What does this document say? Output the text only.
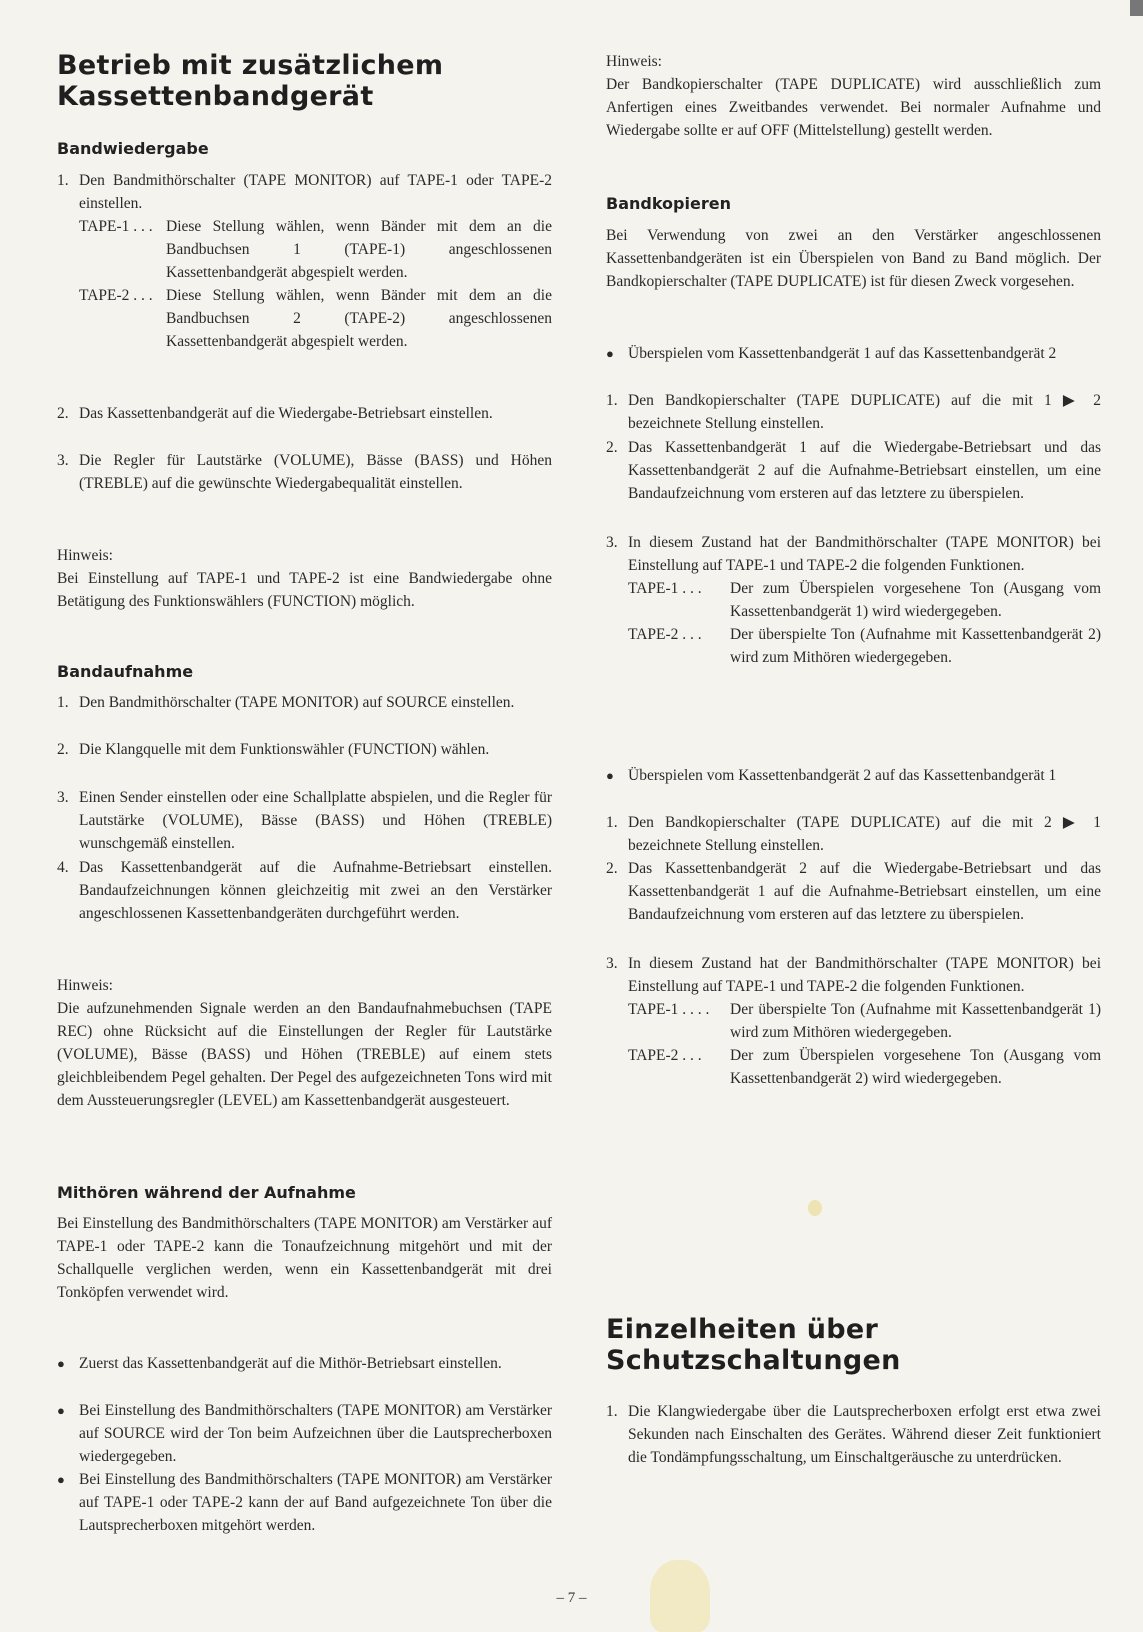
Betrieb mit zusätzlichem
Kassettenbandgerät
Bandwiedergabe
1. Den Bandmithörschalter (TAPE MONITOR) auf TAPE-1 oder TAPE-2 einstellen.
TAPE-1 . . . Diese Stellung wählen, wenn Bänder mit dem an die Bandbuchsen 1 (TAPE-1) angeschlossenen Kassettenbandgerät abgespielt werden.
TAPE-2 . . . Diese Stellung wählen, wenn Bänder mit dem an die Bandbuchsen 2 (TAPE-2) angeschlossenen Kassettenbandgerät abgespielt werden.
2. Das Kassettenbandgerät auf die Wiedergabe-Betriebsart einstellen.
3. Die Regler für Lautstärke (VOLUME), Bässe (BASS) und Höhen (TREBLE) auf die gewünschte Wiedergabequalität einstellen.
Hinweis:
Bei Einstellung auf TAPE-1 und TAPE-2 ist eine Bandwiedergabe ohne Betätigung des Funktionswählers (FUNCTION) möglich.
Bandaufnahme
1. Den Bandmithörschalter (TAPE MONITOR) auf SOURCE einstellen.
2. Die Klangquelle mit dem Funktionswähler (FUNCTION) wählen.
3. Einen Sender einstellen oder eine Schallplatte abspielen, und die Regler für Lautstärke (VOLUME), Bässe (BASS) und Höhen (TREBLE) wunschgemäß einstellen.
4. Das Kassettenbandgerät auf die Aufnahme-Betriebsart einstellen. Bandaufzeichnungen können gleichzeitig mit zwei an den Verstärker angeschlossenen Kassettenbandgeräten durchgeführt werden.
Hinweis:
Die aufzunehmenden Signale werden an den Bandaufnahmebuchsen (TAPE REC) ohne Rücksicht auf die Einstellungen der Regler für Lautstärke (VOLUME), Bässe (BASS) und Höhen (TREBLE) auf einem stets gleichbleibendem Pegel gehalten. Der Pegel des aufgezeichneten Tons wird mit dem Aussteuerungsregler (LEVEL) am Kassettenbandgerät ausgesteuert.
Mithören während der Aufnahme
Bei Einstellung des Bandmithörschalters (TAPE MONITOR) am Verstärker auf TAPE-1 oder TAPE-2 kann die Tonaufzeichnung mitgehört und mit der Schallquelle verglichen werden, wenn ein Kassettenbandgerät mit drei Tonköpfen verwendet wird.
● Zuerst das Kassettenbandgerät auf die Mithör-Betriebsart einstellen.
● Bei Einstellung des Bandmithörschalters (TAPE MONITOR) am Verstärker auf SOURCE wird der Ton beim Aufzeichnen über die Lautsprecherboxen wiedergegeben.
● Bei Einstellung des Bandmithörschalters (TAPE MONITOR) am Verstärker auf TAPE-1 oder TAPE-2 kann der auf Band aufgezeichnete Ton über die Lautsprecherboxen mitgehört werden.
Hinweis:
Der Bandkopierschalter (TAPE DUPLICATE) wird ausschließlich zum Anfertigen eines Zweitbandes verwendet. Bei normaler Aufnahme und Wiedergabe sollte er auf OFF (Mittelstellung) gestellt werden.
Bandkopieren
Bei Verwendung von zwei an den Verstärker angeschlossenen Kassettenbandgeräten ist ein Überspielen von Band zu Band möglich. Der Bandkopierschalter (TAPE DUPLICATE) ist für diesen Zweck vorgesehen.
● Überspielen vom Kassettenbandgerät 1 auf das Kassettenbandgerät 2
1. Den Bandkopierschalter (TAPE DUPLICATE) auf die mit 1 ▶ 2 bezeichnete Stellung einstellen.
2. Das Kassettenbandgerät 1 auf die Wiedergabe-Betriebsart und das Kassettenbandgerät 2 auf die Aufnahme-Betriebsart einstellen, um eine Bandaufzeichnung vom ersteren auf das letztere zu überspielen.
3. In diesem Zustand hat der Bandmithörschalter (TAPE MONITOR) bei Einstellung auf TAPE-1 und TAPE-2 die folgenden Funktionen.
TAPE-1 . . .	Der zum Überspielen vorgesehene Ton (Ausgang vom Kassettenbandgerät 1) wird wiedergegeben.
TAPE-2 . . .	Der überspielte Ton (Aufnahme mit Kassettenbandgerät 2) wird zum Mithören wiedergegeben.
● Überspielen vom Kassettenbandgerät 2 auf das Kassettenbandgerät 1
1. Den Bandkopierschalter (TAPE DUPLICATE) auf die mit 2 ▶ 1 bezeichnete Stellung einstellen.
2. Das Kassettenbandgerät 2 auf die Wiedergabe-Betriebsart und das Kassettenbandgerät 1 auf die Aufnahme-Betriebsart einstellen, um eine Bandaufzeichnung vom ersteren auf das letztere zu überspielen.
3. In diesem Zustand hat der Bandmithörschalter (TAPE MONITOR) bei Einstellung auf TAPE-1 und TAPE-2 die folgenden Funktionen.
TAPE-1 . . . .	Der überspielte Ton (Aufnahme mit Kassettenbandgerät 1) wird zum Mithören wiedergegeben.
TAPE-2 . . .	Der zum Überspielen vorgesehene Ton (Ausgang vom Kassettenbandgerät 2) wird wiedergegeben.
Einzelheiten über
Schutzschaltungen
1. Die Klangwiedergabe über die Lautsprecherboxen erfolgt erst etwa zwei Sekunden nach Einschalten des Gerätes. Während dieser Zeit funktioniert die Tondämpfungsschaltung, um Einschaltgeräusche zu unterdrücken.
– 7 –
